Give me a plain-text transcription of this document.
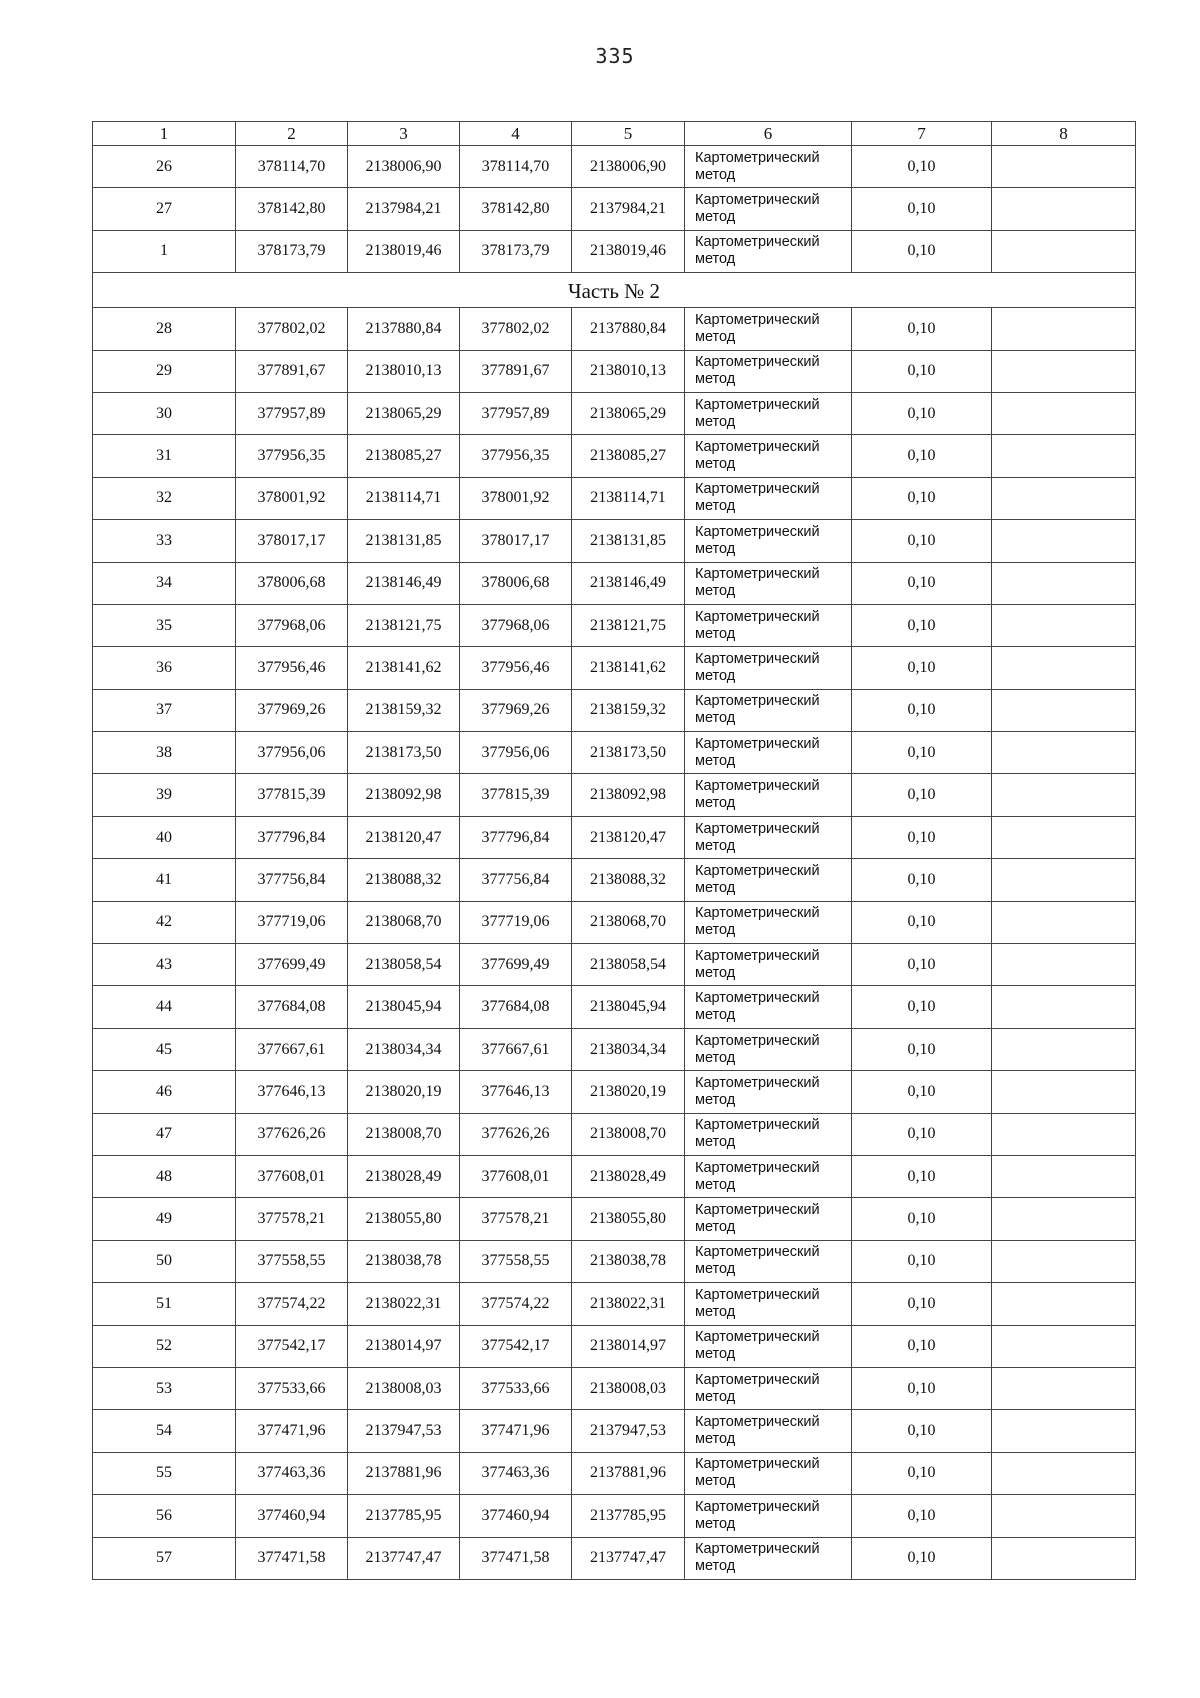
335
1	2	3	4	5	6	7	8
26	378114,70	2138006,90	378114,70	2138006,90	Картометрический
метод	0,10	
27	378142,80	2137984,21	378142,80	2137984,21	Картометрический
метод	0,10	
1	378173,79	2138019,46	378173,79	2138019,46	Картометрический
метод	0,10	
Часть № 2							
28	377802,02	2137880,84	377802,02	2137880,84	Картометрический
метод	0,10	
29	377891,67	2138010,13	377891,67	2138010,13	Картометрический
метод	0,10	
30	377957,89	2138065,29	377957,89	2138065,29	Картометрический
метод	0,10	
31	377956,35	2138085,27	377956,35	2138085,27	Картометрический
метод	0,10	
32	378001,92	2138114,71	378001,92	2138114,71	Картометрический
метод	0,10	
33	378017,17	2138131,85	378017,17	2138131,85	Картометрический
метод	0,10	
34	378006,68	2138146,49	378006,68	2138146,49	Картометрический
метод	0,10	
35	377968,06	2138121,75	377968,06	2138121,75	Картометрический
метод	0,10	
36	377956,46	2138141,62	377956,46	2138141,62	Картометрический
метод	0,10	
37	377969,26	2138159,32	377969,26	2138159,32	Картометрический
метод	0,10	
38	377956,06	2138173,50	377956,06	2138173,50	Картометрический
метод	0,10	
39	377815,39	2138092,98	377815,39	2138092,98	Картометрический
метод	0,10	
40	377796,84	2138120,47	377796,84	2138120,47	Картометрический
метод	0,10	
41	377756,84	2138088,32	377756,84	2138088,32	Картометрический
метод	0,10	
42	377719,06	2138068,70	377719,06	2138068,70	Картометрический
метод	0,10	
43	377699,49	2138058,54	377699,49	2138058,54	Картометрический
метод	0,10	
44	377684,08	2138045,94	377684,08	2138045,94	Картометрический
метод	0,10	
45	377667,61	2138034,34	377667,61	2138034,34	Картометрический
метод	0,10	
46	377646,13	2138020,19	377646,13	2138020,19	Картометрический
метод	0,10	
47	377626,26	2138008,70	377626,26	2138008,70	Картометрический
метод	0,10	
48	377608,01	2138028,49	377608,01	2138028,49	Картометрический
метод	0,10	
49	377578,21	2138055,80	377578,21	2138055,80	Картометрический
метод	0,10	
50	377558,55	2138038,78	377558,55	2138038,78	Картометрический
метод	0,10	
51	377574,22	2138022,31	377574,22	2138022,31	Картометрический
метод	0,10	
52	377542,17	2138014,97	377542,17	2138014,97	Картометрический
метод	0,10	
53	377533,66	2138008,03	377533,66	2138008,03	Картометрический
метод	0,10	
54	377471,96	2137947,53	377471,96	2137947,53	Картометрический
метод	0,10	
55	377463,36	2137881,96	377463,36	2137881,96	Картометрический
метод	0,10	
56	377460,94	2137785,95	377460,94	2137785,95	Картометрический
метод	0,10	
57	377471,58	2137747,47	377471,58	2137747,47	Картометрический
метод	0,10	
